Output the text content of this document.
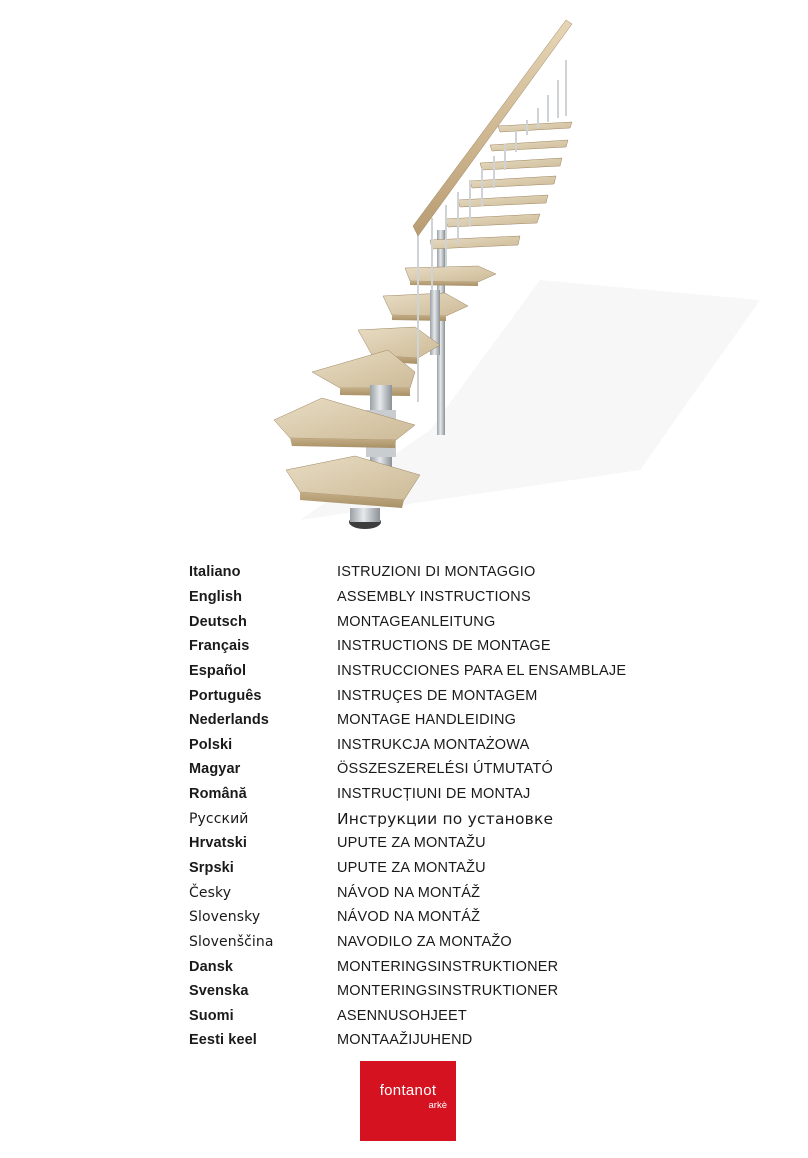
Italiano	ISTRUZIONI DI MONTAGGIO
English	ASSEMBLY INSTRUCTIONS
Deutsch	MONTAGEANLEITUNG
Français	INSTRUCTIONS DE MONTAGE
Español	INSTRUCCIONES PARA EL ENSAMBLAJE
Português	INSTRUÇES DE MONTAGEM
Nederlands	MONTAGE HANDLEIDING
Polski	INSTRUKCJA MONTAŻOWA
Magyar	ÖSSZESZERELÉSI ÚTMUTATÓ
Română	INSTRUCȚIUNI DE MONTAJ
Русский	Инструкции по установке
Hrvatski	UPUTE ZA MONTAŽU
Srpski	UPUTE ZA MONTAŽU
Česky	NÁVOD NA MONTÁŽ
Slovensky	NÁVOD NA MONTÁŽ
Slovenščina	NAVODILO ZA MONTAŽO
Dansk	MONTERINGSINSTRUKTIONER
Svenska	MONTERINGSINSTRUKTIONER
Suomi	ASENNUSOHJEET
Eesti keel	MONTAAŽIJUHEND
fontanot
arkè
